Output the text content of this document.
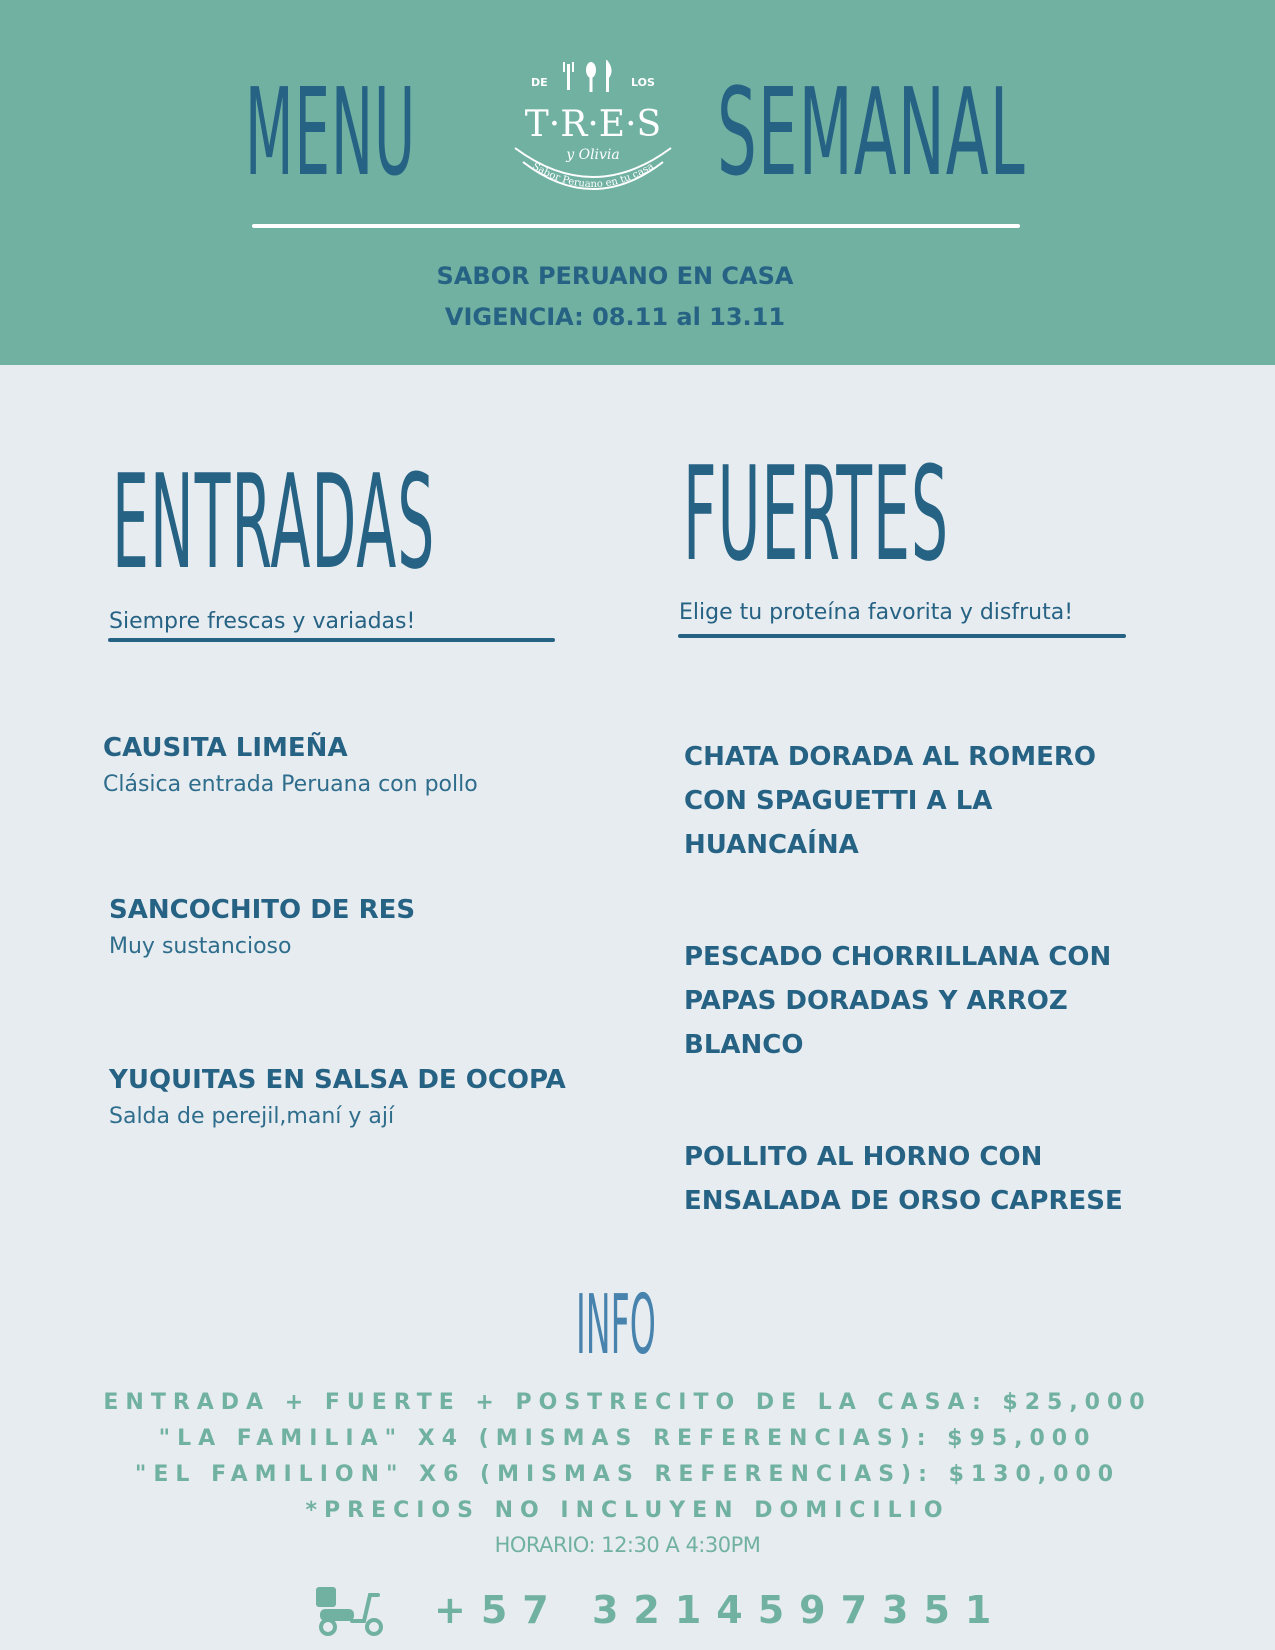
MENU	DE	LOS
T·R·E·S
y Olivia
Sabor Peruano en tu casa SEMANAL
SABOR PERUANO EN CASA
VIGENCIA: 08.11 al 13.11
ENTRADAS
Siempre frescas y variadas!
FUERTES
Elige tu proteína favorita y disfruta!
CAUSITA LIMEÑA
Clásica entrada Peruana con pollo
SANCOCHITO DE RES
Muy sustancioso
YUQUITAS EN SALSA DE OCOPA
Salda de perejil,maní y ají
CHATA DORADA AL ROMERO CON SPAGUETTI A LA HUANCAÍNA
PESCADO CHORRILLANA CON PAPAS DORADAS Y ARROZ BLANCO
POLLITO AL HORNO CON ENSALADA DE ORSO CAPRESE
INFO
ENTRADA + FUERTE + POSTRECITO DE LA CASA: $25,000
"LA FAMILIA" X4 (MISMAS REFERENCIAS): $95,000
"EL FAMILION" X6 (MISMAS REFERENCIAS): $130,000
*PRECIOS NO INCLUYEN DOMICILIO
HORARIO: 12:30 A 4:30PM
+57 3214597351
